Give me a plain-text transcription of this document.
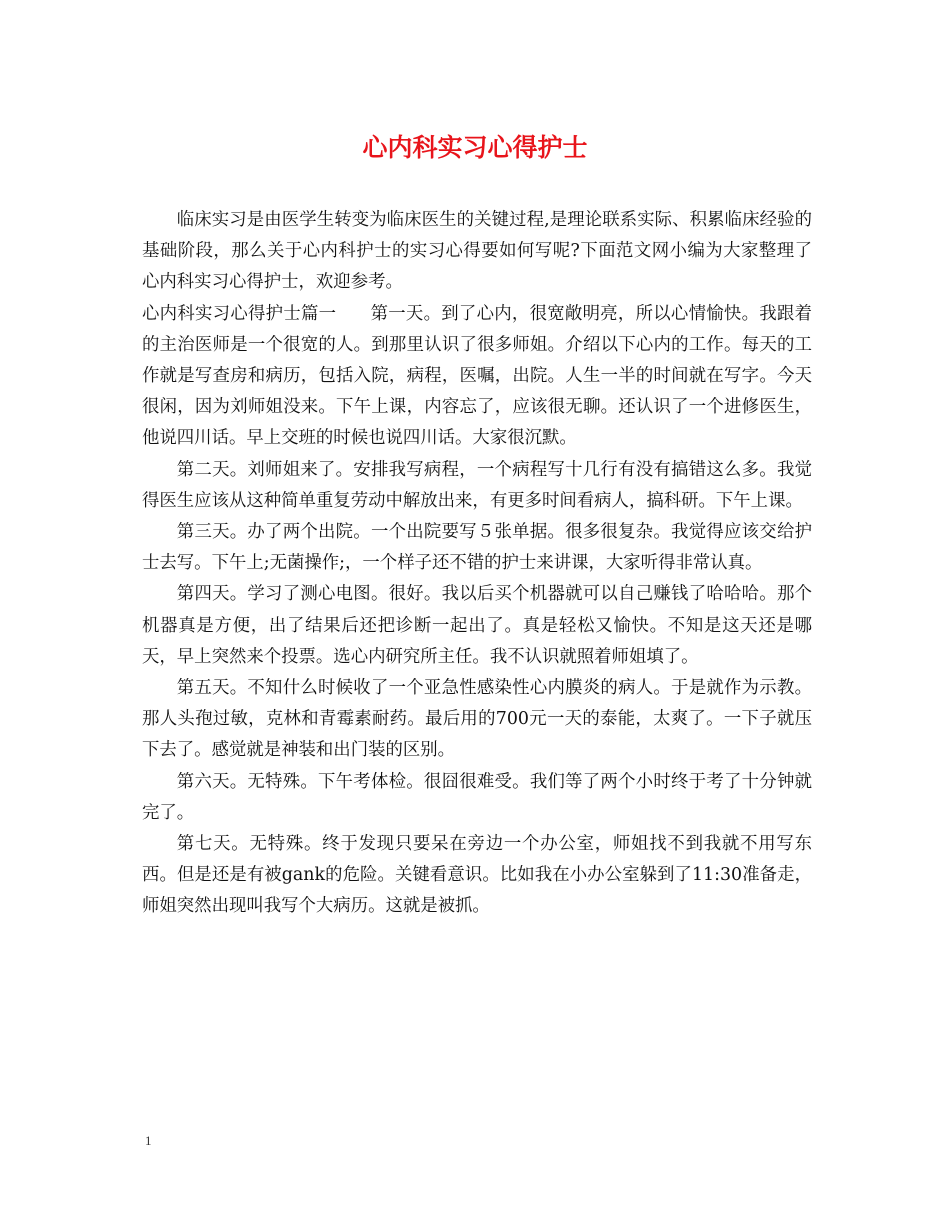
心内科实习心得护士

临床实习是由医学生转变为临床医生的关键过程,是理论联系实际、积累临床经验的基础阶段，那么关于心内科护士的实习心得要如何写呢?下面范文网小编为大家整理了心内科实习心得护士，欢迎参考。

心内科实习心得护士篇一 第一天。到了心内，很宽敞明亮，所以心情愉快。我跟着的主治医师是一个很宽的人。到那里认识了很多师姐。介绍以下心内的工作。每天的工作就是写查房和病历，包括入院，病程，医嘱，出院。人生一半的时间就在写字。今天很闲，因为刘师姐没来。下午上课，内容忘了，应该很无聊。还认识了一个进修医生，他说四川话。早上交班的时候也说四川话。大家很沉默。

第二天。刘师姐来了。安排我写病程，一个病程写十几行有没有搞错这么多。我觉得医生应该从这种简单重复劳动中解放出来，有更多时间看病人，搞科研。下午上课。

第三天。办了两个出院。一个出院要写５张单据。很多很复杂。我觉得应该交给护士去写。下午上;无菌操作;，一个样子还不错的护士来讲课，大家听得非常认真。

第四天。学习了测心电图。很好。我以后买个机器就可以自己赚钱了哈哈哈。那个机器真是方便，出了结果后还把诊断一起出了。真是轻松又愉快。不知是这天还是哪天，早上突然来个投票。选心内研究所主任。我不认识就照着师姐填了。

第五天。不知什么时候收了一个亚急性感染性心内膜炎的病人。于是就作为示教。那人头孢过敏，克林和青霉素耐药。最后用的700元一天的泰能，太爽了。一下子就压下去了。感觉就是神装和出门装的区别。

第六天。无特殊。下午考体检。很囧很难受。我们等了两个小时终于考了十分钟就完了。

第七天。无特殊。终于发现只要呆在旁边一个办公室，师姐找不到我就不用写东西。但是还是有被gank的危险。关键看意识。比如我在小办公室躲到了11:30准备走，师姐突然出现叫我写个大病历。这就是被抓。

1
